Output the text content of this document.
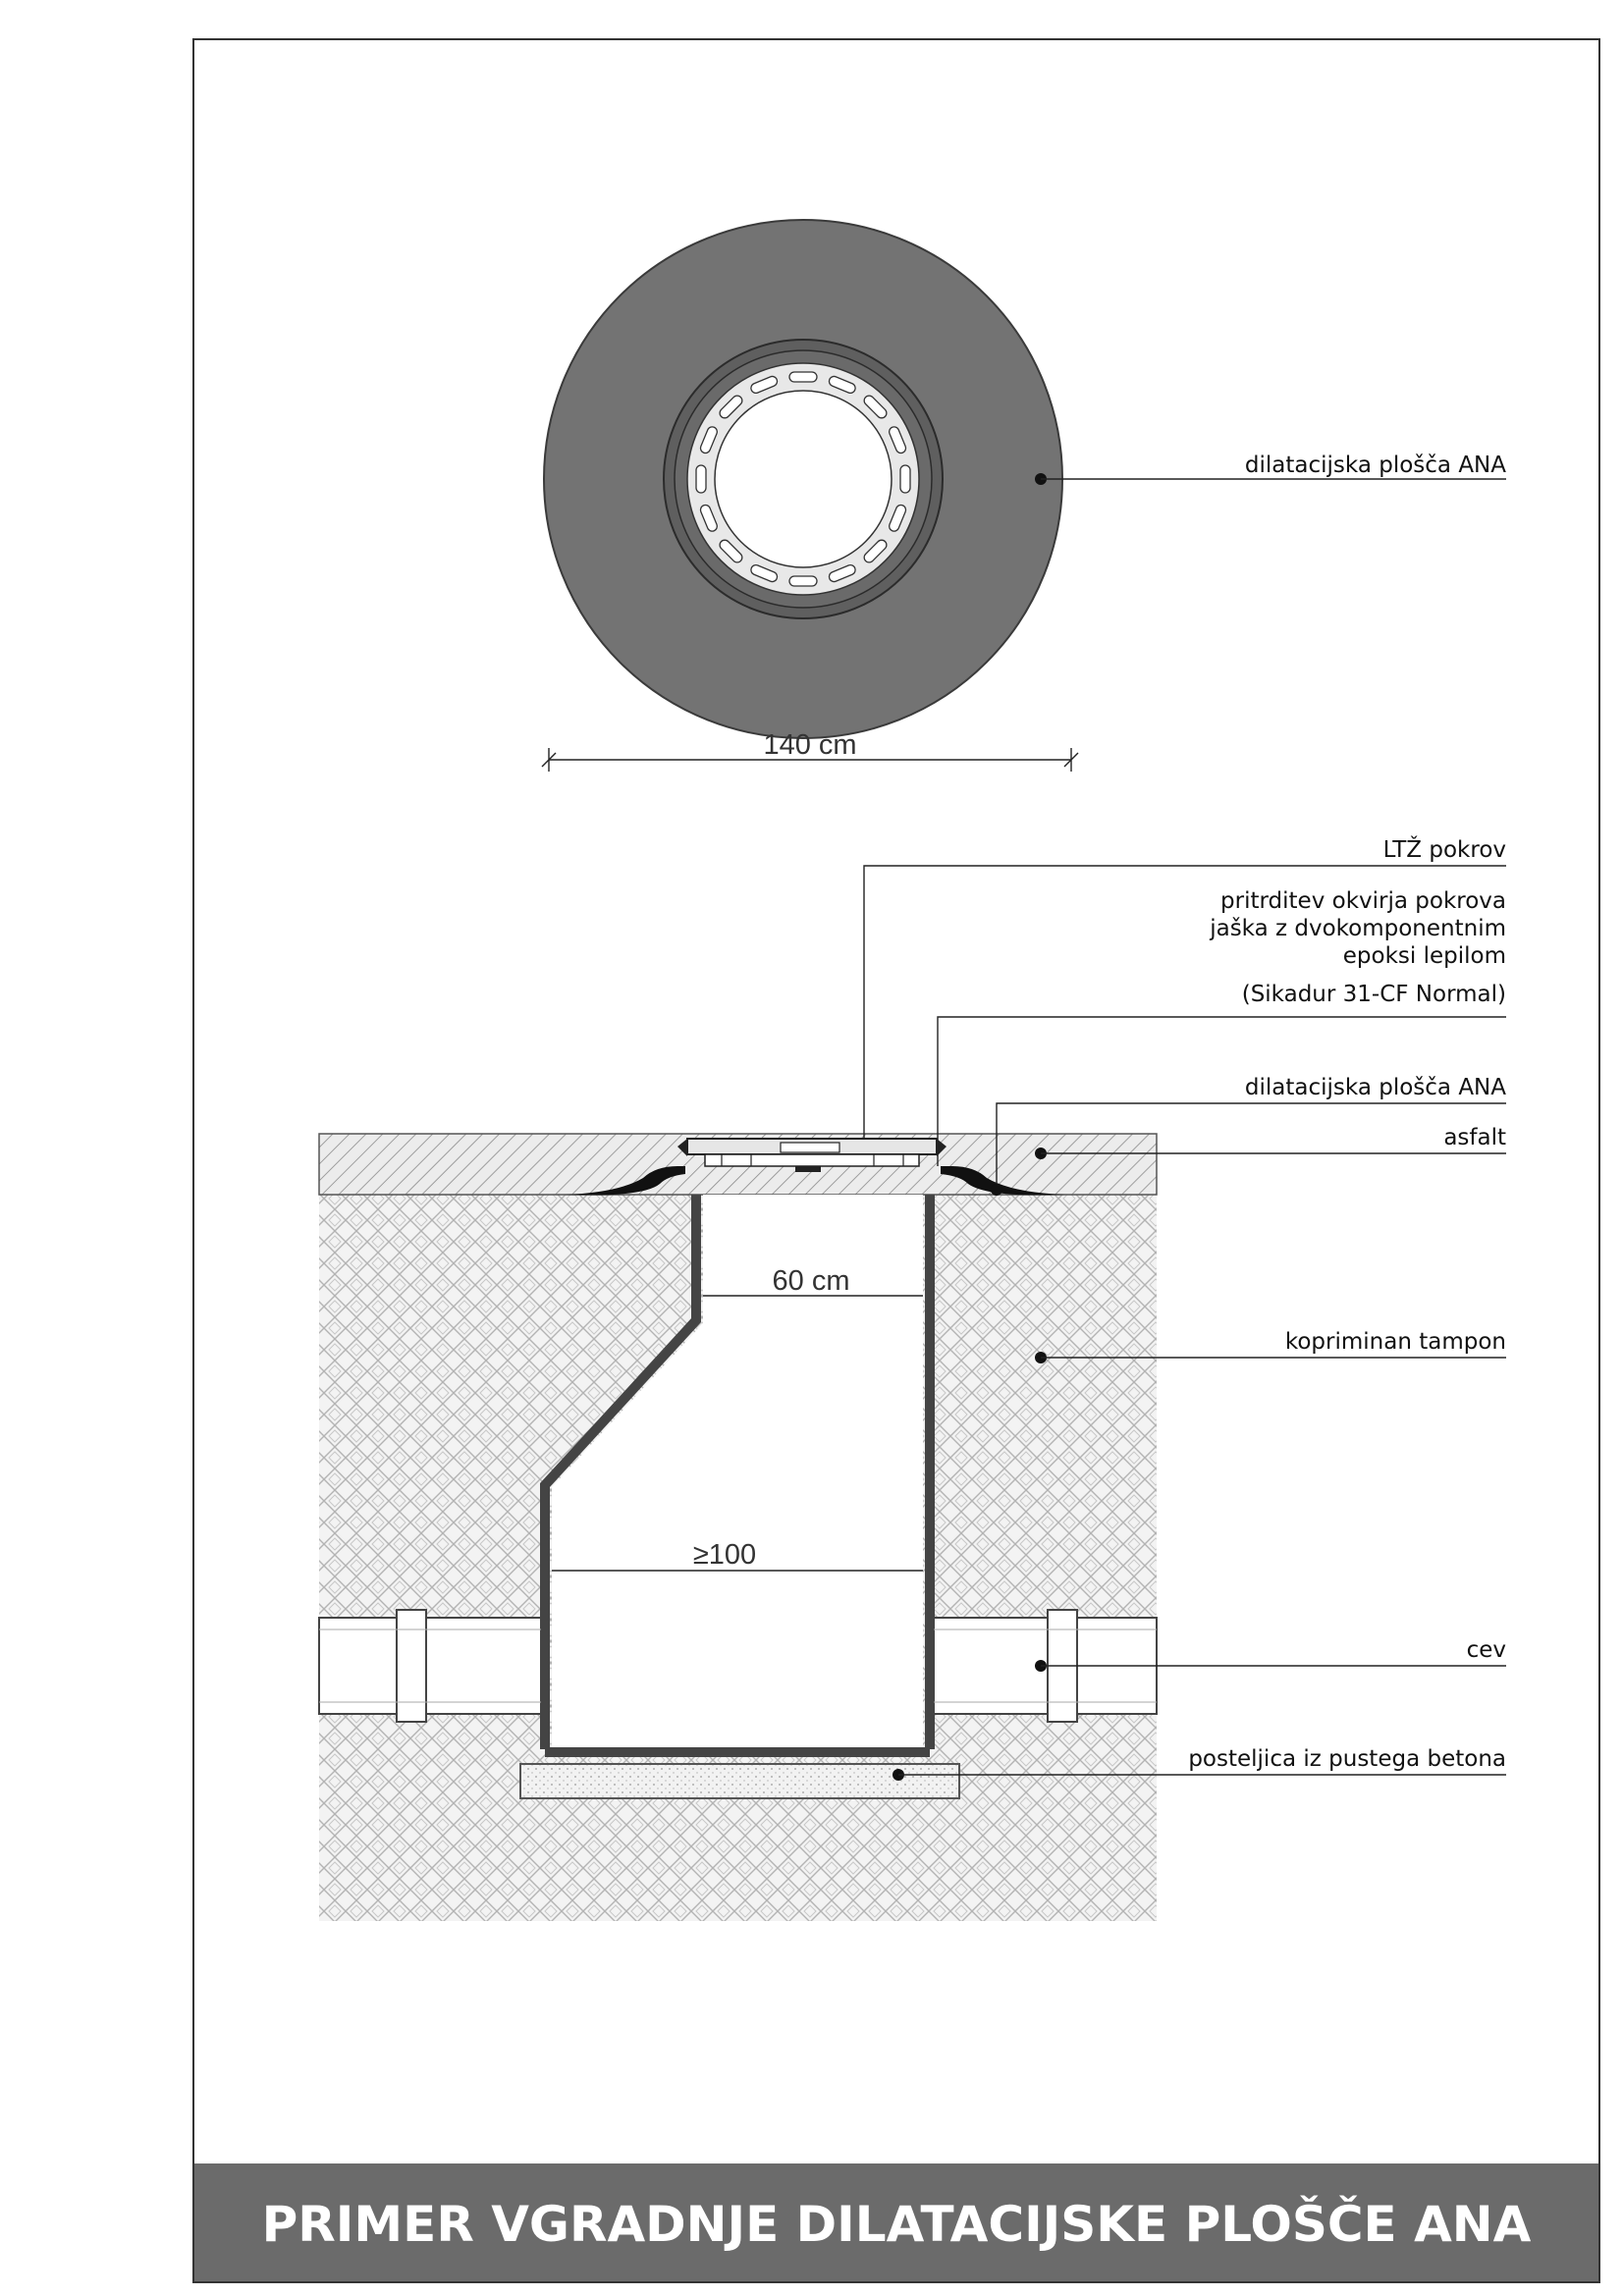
dilatacijska plošča ANA
140 cm
60 cm
≥100
LTŽ pokrov
pritrditev okvirja pokrova
jaška z dvokomponentnim
epoksi lepilom
(Sikadur 31-CF Normal)
dilatacijska plošča ANA
asfalt
kopriminan tampon
cev
posteljica iz pustega betona
PRIMER VGRADNJE DILATACIJSKE PLOŠČE ANA
